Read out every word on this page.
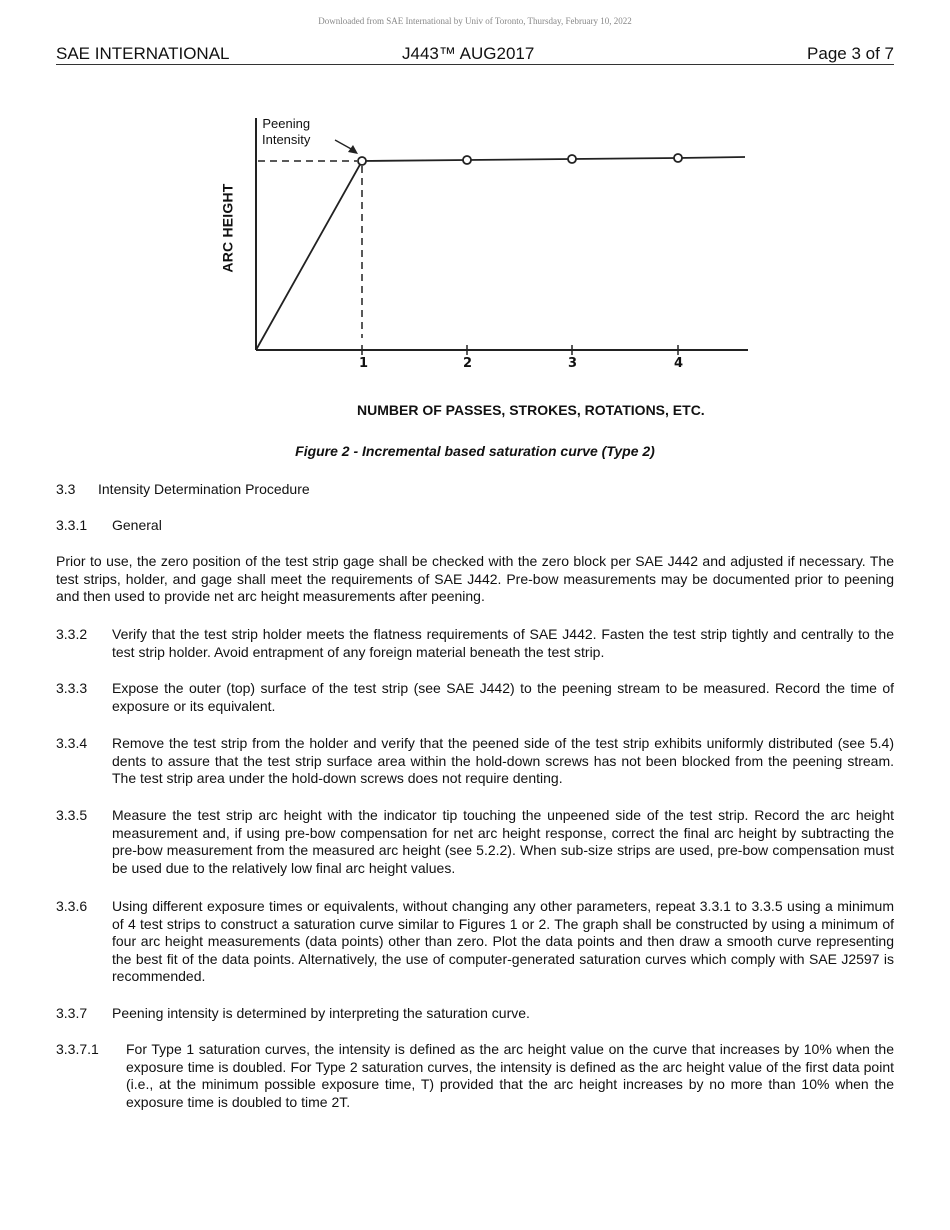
Downloaded from SAE International by Univ of Toronto, Thursday, February 10, 2022
SAE INTERNATIONAL	J443™ AUG2017	Page 3 of 7
Peening
Intensity
ARC HEIGHT
1	2	3	4
NUMBER OF PASSES, STROKES, ROTATIONS, ETC.
Figure 2 - Incremental based saturation curve (Type 2)
3.3 Intensity Determination Procedure
3.3.1 General
Prior to use, the zero position of the test strip gage shall be checked with the zero block per SAE J442 and adjusted if necessary. The test strips, holder, and gage shall meet the requirements of SAE J442. Pre-bow measurements may be documented prior to peening and then used to provide net arc height measurements after peening.
3.3.2 Verify that the test strip holder meets the flatness requirements of SAE J442. Fasten the test strip tightly and centrally to the test strip holder. Avoid entrapment of any foreign material beneath the test strip.
3.3.3 Expose the outer (top) surface of the test strip (see SAE J442) to the peening stream to be measured. Record the time of exposure or its equivalent.
3.3.4 Remove the test strip from the holder and verify that the peened side of the test strip exhibits uniformly distributed (see 5.4) dents to assure that the test strip surface area within the hold-down screws has not been blocked from the peening stream. The test strip area under the hold-down screws does not require denting.
3.3.5 Measure the test strip arc height with the indicator tip touching the unpeened side of the test strip. Record the arc height measurement and, if using pre-bow compensation for net arc height response, correct the final arc height by subtracting the pre-bow measurement from the measured arc height (see 5.2.2). When sub-size strips are used, pre-bow compensation must be used due to the relatively low final arc height values.
3.3.6 Using different exposure times or equivalents, without changing any other parameters, repeat 3.3.1 to 3.3.5 using a minimum of 4 test strips to construct a saturation curve similar to Figures 1 or 2. The graph shall be constructed by using a minimum of four arc height measurements (data points) other than zero. Plot the data points and then draw a smooth curve representing the best fit of the data points. Alternatively, the use of computer-generated saturation curves which comply with SAE J2597 is recommended.
3.3.7 Peening intensity is determined by interpreting the saturation curve.
3.3.7.1 For Type 1 saturation curves, the intensity is defined as the arc height value on the curve that increases by 10% when the exposure time is doubled. For Type 2 saturation curves, the intensity is defined as the arc height value of the first data point (i.e., at the minimum possible exposure time, T) provided that the arc height increases by no more than 10% when the exposure time is doubled to time 2T.
